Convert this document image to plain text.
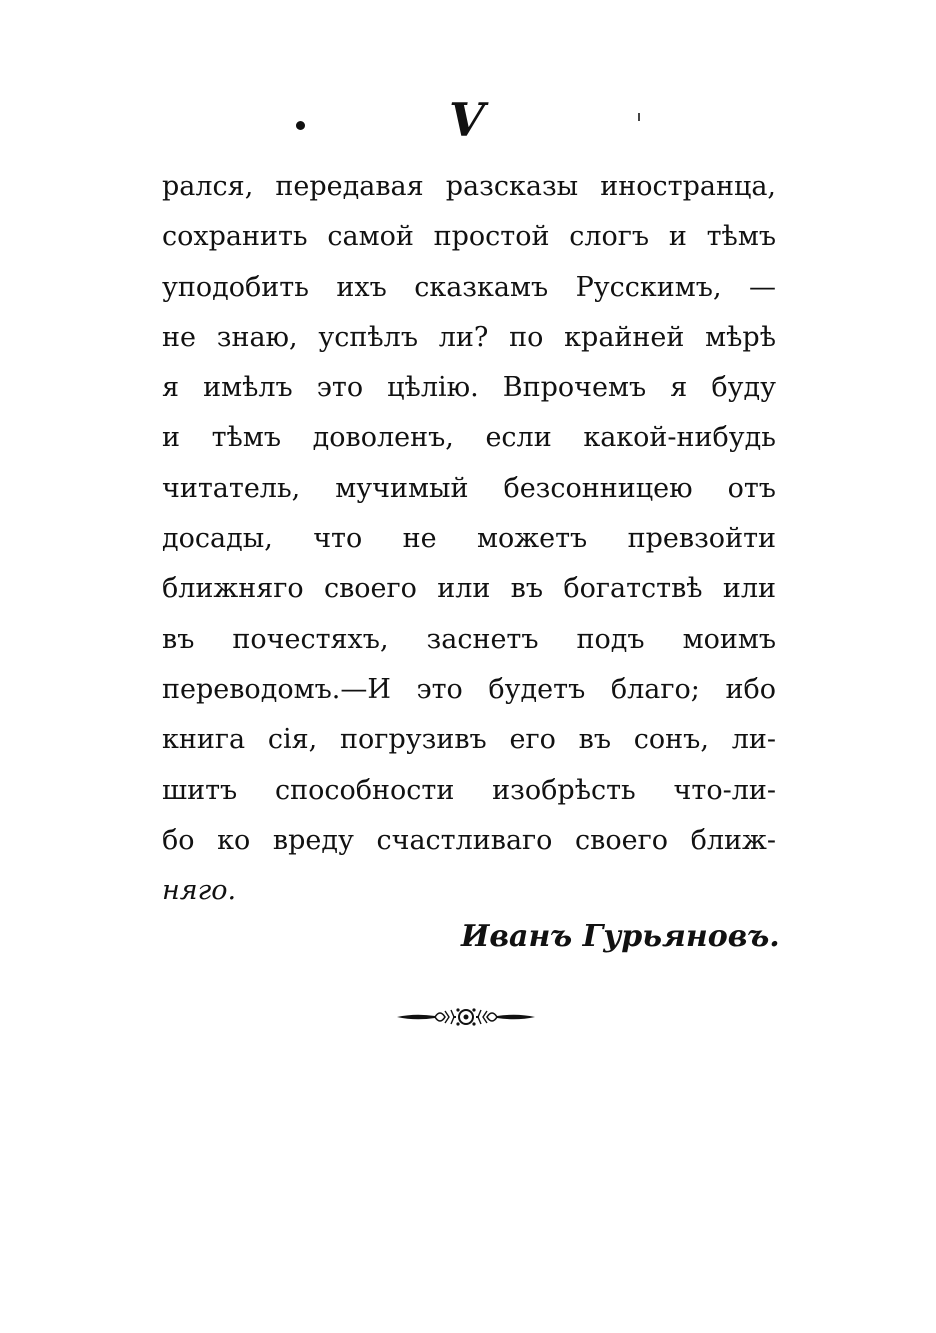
V
рался, передавая разсказы иностранца,
сохранить самой простой слогъ и тѣмъ
уподобить ихъ сказкамъ Русскимъ, —
не знаю, успѣлъ ли? по крайней мѣрѣ
я имѣлъ это цѣлію. Впрочемъ я буду
и тѣмъ доволенъ, если какой-нибудь
читатель, мучимый безсонницею отъ
досады, что не можетъ превзойти
ближняго своего или въ богатствѣ или
въ почестяхъ, заснетъ подъ моимъ
переводомъ.—И это будетъ благо; ибо
книга сія, погрузивъ его въ сонъ, ли-
шитъ способности изобрѣсть что-ли-
бо ко вреду счастливаго своего ближ-
няго.
Иванъ Гурьяновъ.
